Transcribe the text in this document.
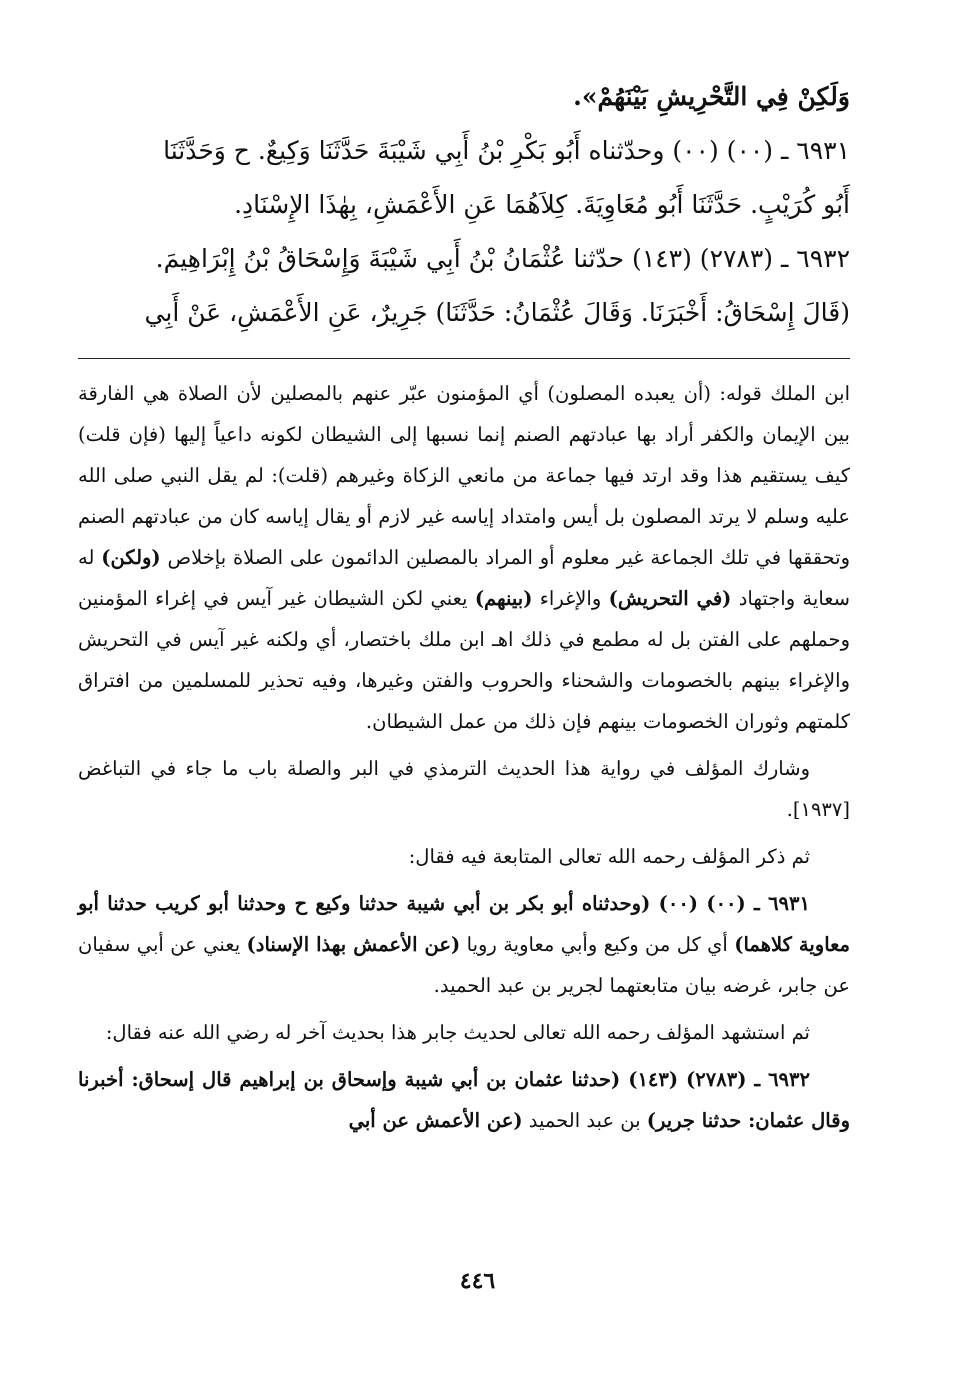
وَلَكِنْ فِي التَّحْرِيشِ بَيْنَهُمْ».

٦٩٣١ ـ (٠٠) (٠٠) وحدّثناه أَبُو بَكْرِ بْنُ أَبِي شَيْبَةَ حَدَّثَنَا وَكِيعٌ. ح وَحَدَّثَنَا

أَبُو كُرَيْبٍ. حَدَّثَنَا أَبُو مُعَاوِيَةَ. كِلاَهُمَا عَنِ الأَعْمَشِ، بِهٰذَا الإِسْنَادِ.

٦٩٣٢ ـ (٢٧٨٣) (١٤٣) حدّثنا عُثْمَانُ بْنُ أَبِي شَيْبَةَ وَإِسْحَاقُ بْنُ إِبْرَاهِيمَ.

(قَالَ إِسْحَاقُ: أَخْبَرَنَا. وَقَالَ عُثْمَانُ: حَدَّثَنَا) جَرِيرٌ، عَنِ الأَعْمَشِ، عَنْ أَبِي

ابن الملك قوله: (أن يعبده المصلون) أي المؤمنون عبّر عنهم بالمصلين لأن الصلاة هي الفارقة بين الإيمان والكفر أراد بها عبادتهم الصنم إنما نسبها إلى الشيطان لكونه داعياً إليها (فإن قلت) كيف يستقيم هذا وقد ارتد فيها جماعة من مانعي الزكاة وغيرهم (قلت): لم يقل النبي صلى الله عليه وسلم لا يرتد المصلون بل أيس وامتداد إياسه غير لازم أو يقال إياسه كان من عبادتهم الصنم وتحققها في تلك الجماعة غير معلوم أو المراد بالمصلين الدائمون على الصلاة بإخلاص (ولكن) له سعاية واجتهاد (في التحريش) والإغراء (بينهم) يعني لكن الشيطان غير آيس في إغراء المؤمنين وحملهم على الفتن بل له مطمع في ذلك اهـ ابن ملك باختصار، أي ولكنه غير آيس في التحريش والإغراء بينهم بالخصومات والشحناء والحروب والفتن وغيرها، وفيه تحذير للمسلمين من افتراق كلمتهم وثوران الخصومات بينهم فإن ذلك من عمل الشيطان.

وشارك المؤلف في رواية هذا الحديث الترمذي في البر والصلة باب ما جاء في التباغض [١٩٣٧].

ثم ذكر المؤلف رحمه الله تعالى المتابعة فيه فقال:

٦٩٣١ ـ (٠٠) (٠٠) (وحدثناه أبو بكر بن أبي شيبة حدثنا وكيع ح وحدثنا أبو كريب حدثنا أبو معاوية كلاهما) أي كل من وكيع وأبي معاوية رويا (عن الأعمش بهذا الإسناد) يعني عن أبي سفيان عن جابر، غرضه بيان متابعتهما لجرير بن عبد الحميد.

ثم استشهد المؤلف رحمه الله تعالى لحديث جابر هذا بحديث آخر له رضي الله عنه فقال:

٦٩٣٢ ـ (٢٧٨٣) (١٤٣) (حدثنا عثمان بن أبي شيبة وإسحاق بن إبراهيم قال إسحاق: أخبرنا وقال عثمان: حدثنا جرير) بن عبد الحميد (عن الأعمش عن أبي

٤٤٦
